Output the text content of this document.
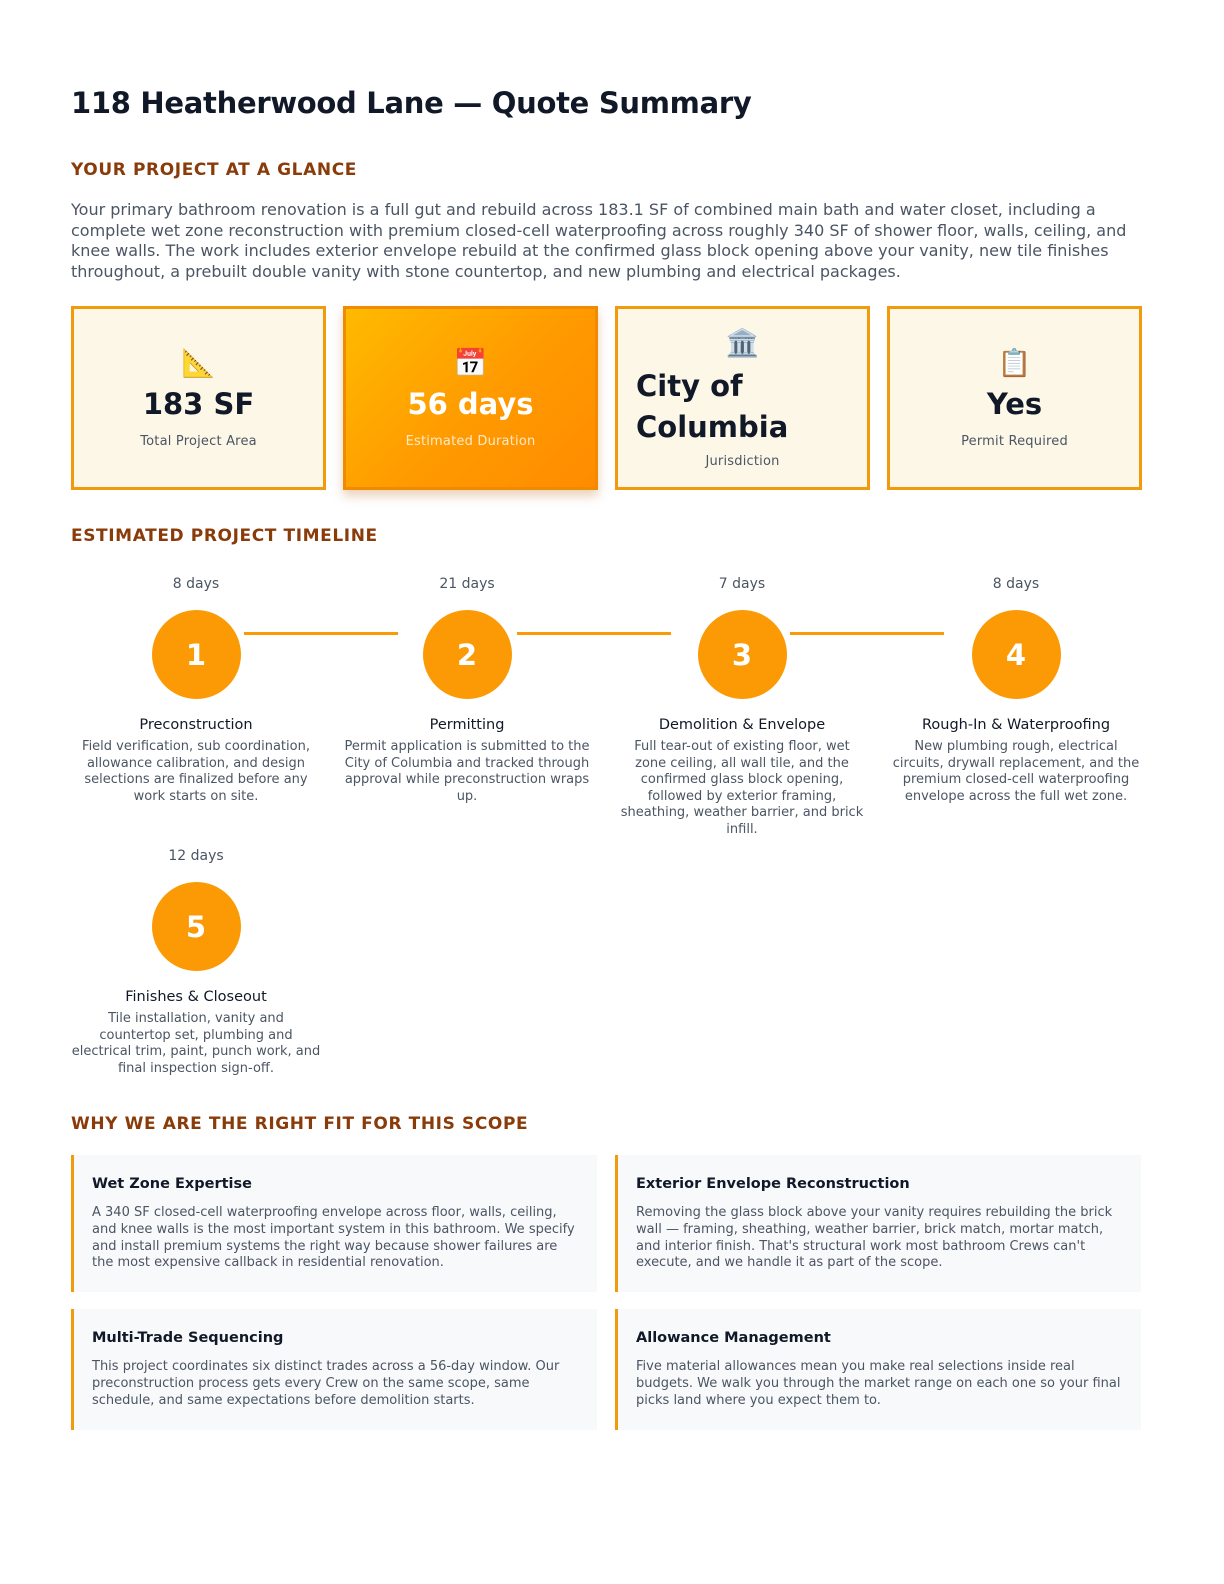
118 Heatherwood Lane — Quote Summary
YOUR PROJECT AT A GLANCE

Your primary bathroom renovation is a full gut and rebuild across 183.1 SF of combined main bath and water closet, including a complete wet zone reconstruction with premium closed-cell waterproofing across roughly 340 SF of shower floor, walls, ceiling, and knee walls. The work includes exterior envelope rebuild at the confirmed glass block opening above your vanity, new tile finishes throughout, a prebuilt double vanity with stone countertop, and new plumbing and electrical packages.

📐
183 SF
Total Project Area
📅
56 days
Estimated Duration
🏛️
City of Columbia
Jurisdiction
📋
Yes
Permit Required
ESTIMATED PROJECT TIMELINE
8 days
1
Preconstruction
Field verification, sub coordination, allowance calibration, and design selections are finalized before any work starts on site.
21 days
2
Permitting
Permit application is submitted to the City of Columbia and tracked through approval while preconstruction wraps up.
7 days
3
Demolition & Envelope
Full tear-out of existing floor, wet zone ceiling, all wall tile, and the confirmed glass block opening, followed by exterior framing, sheathing, weather barrier, and brick infill.
8 days
4
Rough-In & Waterproofing
New plumbing rough, electrical circuits, drywall replacement, and the premium closed-cell waterproofing envelope across the full wet zone.
12 days
5
Finishes & Closeout
Tile installation, vanity and countertop set, plumbing and electrical trim, paint, punch work, and final inspection sign-off.
WHY WE ARE THE RIGHT FIT FOR THIS SCOPE
Wet Zone Expertise
A 340 SF closed-cell waterproofing envelope across floor, walls, ceiling, and knee walls is the most important system in this bathroom. We specify and install premium systems the right way because shower failures are the most expensive callback in residential renovation.
Exterior Envelope Reconstruction
Removing the glass block above your vanity requires rebuilding the brick wall — framing, sheathing, weather barrier, brick match, mortar match, and interior finish. That's structural work most bathroom Crews can't execute, and we handle it as part of the scope.
Multi-Trade Sequencing
This project coordinates six distinct trades across a 56-day window. Our preconstruction process gets every Crew on the same scope, same schedule, and same expectations before demolition starts.
Allowance Management
Five material allowances mean you make real selections inside real budgets. We walk you through the market range on each one so your final picks land where you expect them to.
